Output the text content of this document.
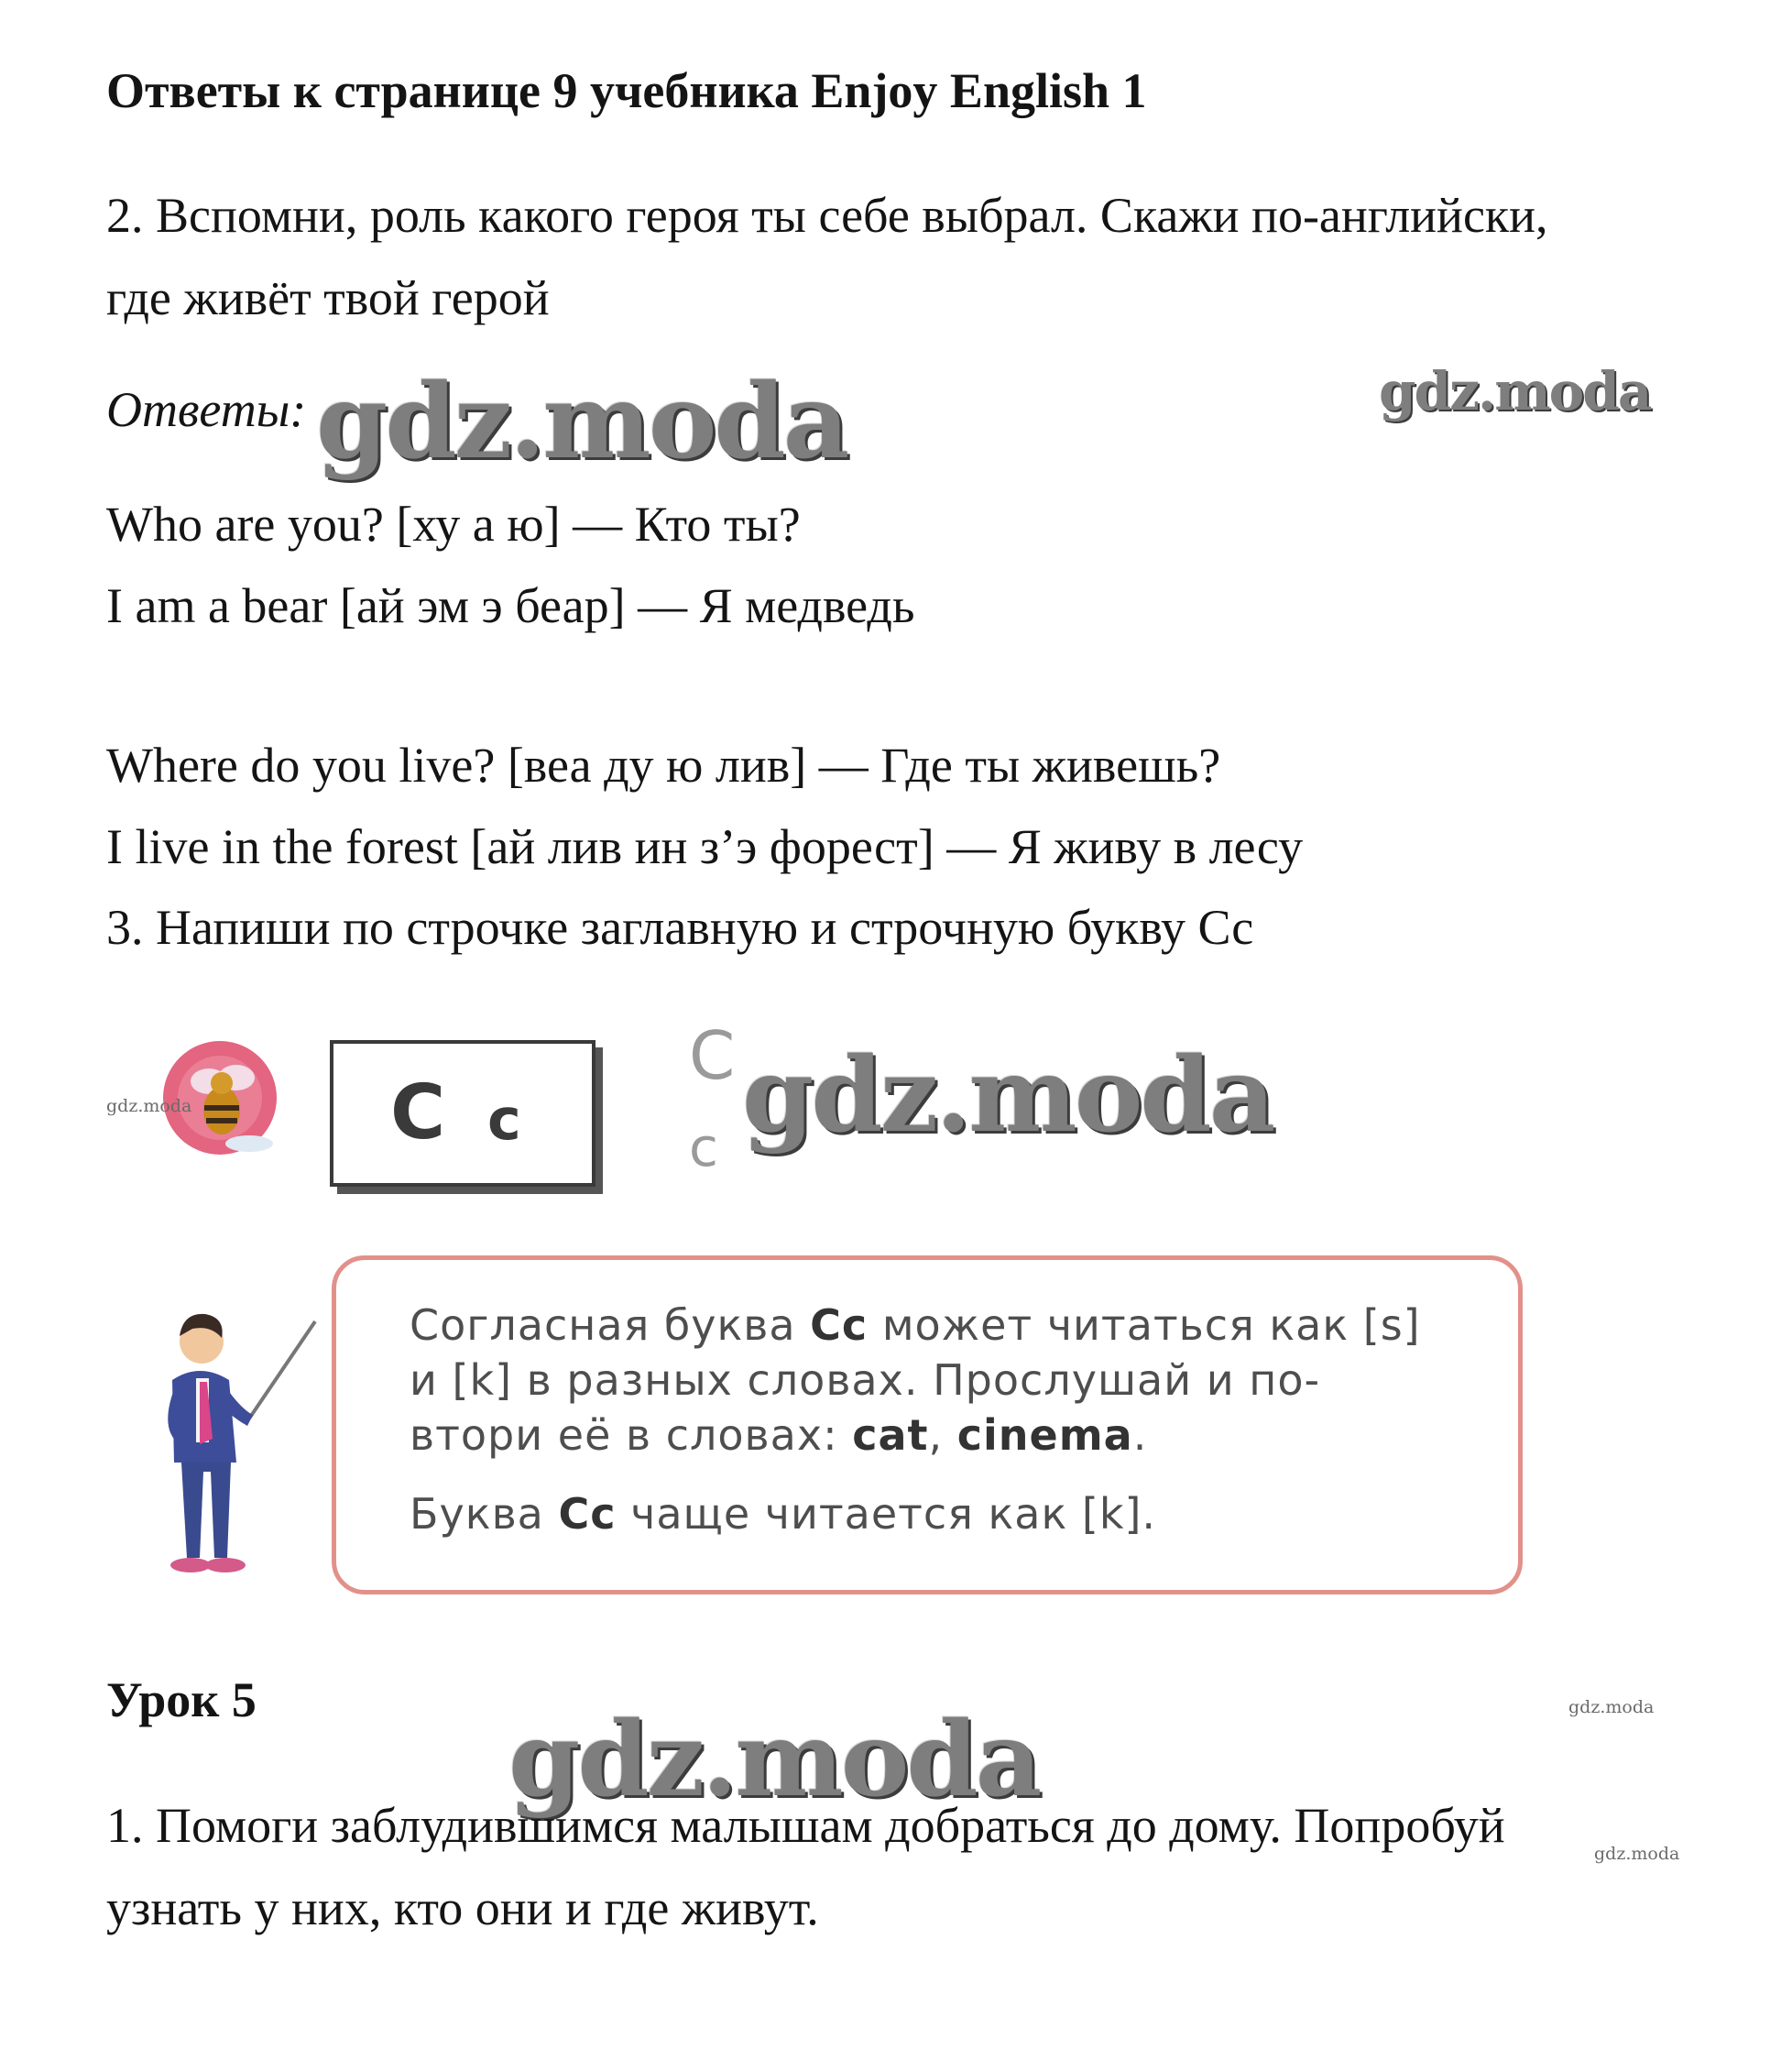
Ответы к странице 9 учебника Enjoy English 1
2. Вспомни, роль какого героя ты себе выбрал. Скажи по-английски,
где живёт твой герой
Ответы: gdz.moda	gdz.moda
Who are you? [ху а ю] — Кто ты?
I am a bear [ай эм э беар] — Я медведь
Where do you live? [веа ду ю лив] — Где ты живешь?
I live in the forest [ай лив ин з’э форест] — Я живу в лесу
3. Напиши по строчке заглавную и строчную букву Сс
gdz.moda	C c
C
c gdz.moda
Согласная буква Сс может читаться как [s]
и [k] в разных словах. Прослушай и по-
втори её в словах: cat, cinema.
Буква Сс чаще читается как [k].
Урок 5	gdz.moda
gdz.moda
1. Помоги заблудившимся малышам добраться до дому. Попробуй
gdz.moda
узнать у них, кто они и где живут.
